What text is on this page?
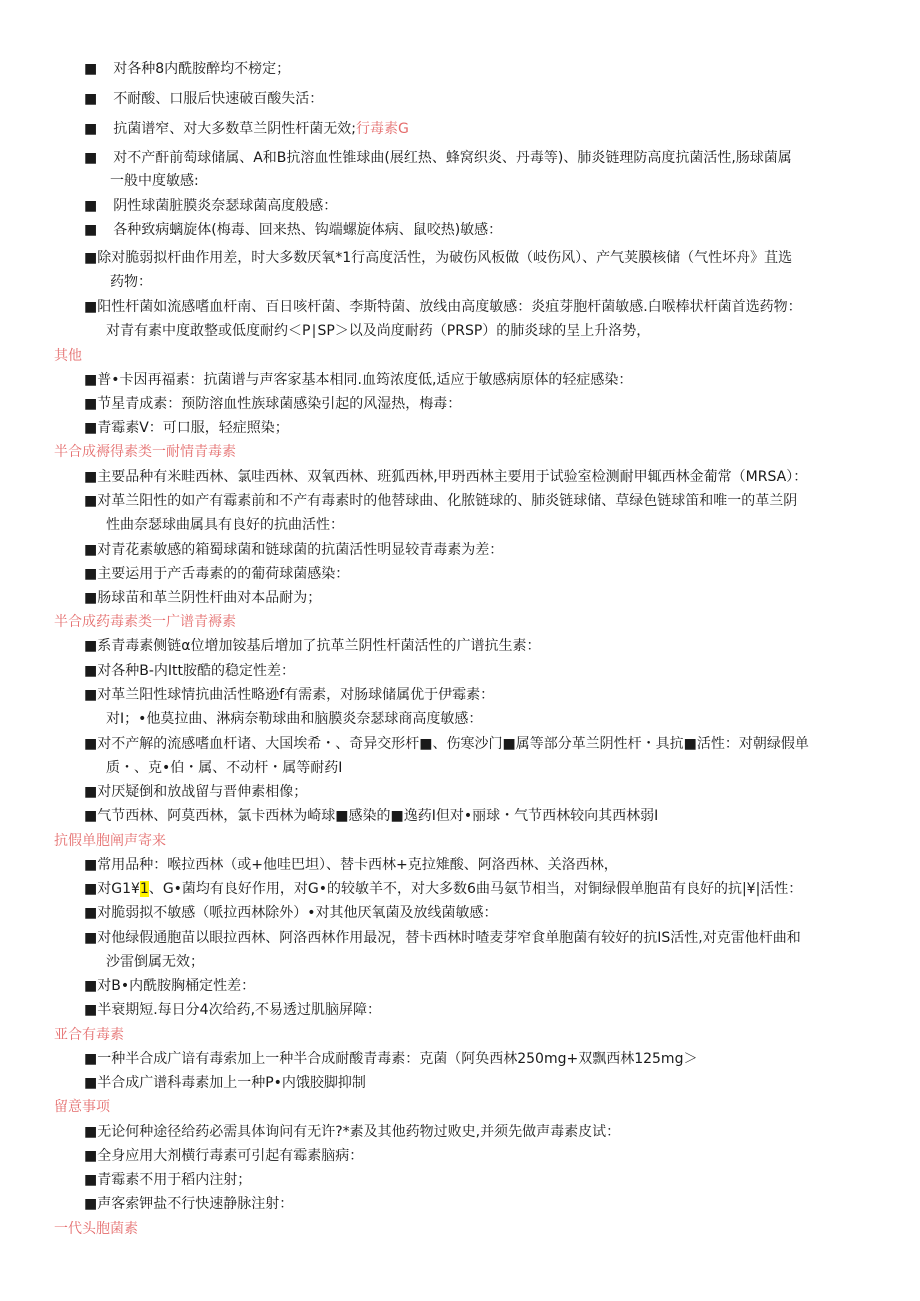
■ 对各种8内酰胺醉均不榜定；
■ 不耐酸、口服后快速破百酸失活：
■ 抗菌谱窄、对大多数草兰阴性杆菌无效;行毒素G
■ 对不产酐前萄球储属、A和B抗溶血性锥球曲(展红热、蜂窝织炎、丹毒等)、肺炎链理防高度抗菌活性,肠球菌属
一般中度敏感:
■ 阴性球菌脏膜炎奈瑟球菌高度般感：
■ 各种致病螭旋体(梅毒、回来热、钩端螺旋体病、鼠咬热)敏感：
■除对脆弱拟杆曲作用差，时大多数厌氧*1行高度活性，为破伤风板做（岐伤风）、产气荚膜核储（气性坏舟》苴选
药物：
■阳性杆菌如流感嗜血杆南、百日咳杆菌、李斯特菌、放线由高度敏感：炎疽芽胞杆菌敏感.白喉棒状杆菌首选药物：
对青有素中度敢整或低度耐约＜P∣SP＞以及尚度耐药（PRSP）的肺炎球的呈上升洛势，
其他
■普•卡因再福素：抗菌谱与声客家基本相同.血筠浓度低,适应于敏感病原体的轻症感染：
■节星青成素：预防溶血性族球菌感染引起的风湿热，梅毒：
■青霉素V：可口服，轻症照染；
半合成褥得素类一耐情青毒素
■主要品种有米畦西林、氯哇西林、双氧西林、班狐西林,甲玬西林主要用于试验室检测耐甲辄西林金葡常（MRSA）：
■对革兰阳性的如产有霉素前和不产有毒素时的他替球曲、化脓链球的、肺炎链球储、草绿色链球笛和唯一的革兰阴
性曲奈瑟球曲属具有良好的抗曲活性：
■对青花素敏感的箱蜀球菌和链球菌的抗菌活性明显较青毒素为差：
■主要运用于产舌毒素的的葡荷球菌感染：
■肠球苗和革兰阴性杆曲对本品耐为；
半合成药毒素类一广谱青褥素
■系青毒素侧链α位增加铵基后增加了抗革兰阴性杆菌活性的广谱抗生素：
■对各种B-内Itt胺酷的稳定性差：
■对革兰阳性球情抗曲活性略逊f有需素，对肠球储属优于伊霉素：
对I；•他莫拉曲、淋病奈勒球曲和脑膜炎奈瑟球商高度敏感：
■对不产解的流感嗜血杆诸、大国埃希・、奇异交形杆■、伤寒沙门■属等部分革兰阴性杆・具抗■活性：对朝绿假单
质・、克•伯・属、不动杆・属等耐药I
■对厌疑倒和放战留与晋伸素相像；
■气节西林、阿莫西林，氯卡西林为崎球■感染的■逸药I但对•丽球・气节西林较向其西林弱I
抗假单胞阐声寄来
■常用品种：喉拉西林（或+他哇巴坦）、替卡西林+克拉雉酸、阿洛西林、关洛西林，
■对G1¥1、G•菌均有良好作用，对G•的较敏羊不，对大多数6曲马氨节相当，对铜绿假单胞苗有良好的抗|¥|活性：
■对脆弱拟不敏感（哌拉西林除外）•对其他厌氧菌及放线菌敏感：
■对他绿假通胞苗以眼拉西林、阿洛西林作用最况，替卡西林时喳麦芽窄食单胞菌有较好的抗IS活性,对克雷他杆曲和
沙雷倒属无效；
■对B•内酰胺胸桶定性差：
■半衰期短.每日分4次给药,不易透过肌脑屏障：
亚合有毒素
■一种半合成广谙有毒索加上一种半合成耐酸青毒素：克菌（阿奂西林250mg+双飘西林125mg＞
■半合成广谱科毒素加上一种P•内饿胶脚抑制
留意事项
■无论何种途径给药必需具体询问有无许?*素及其他药物过败史,并须先做声毒素皮试：
■全身应用大剂横行毒素可引起有霉素脑病：
■青霉素不用于稻内注射；
■声客索钾盐不行快速静脉注射：
一代头胞菌素
